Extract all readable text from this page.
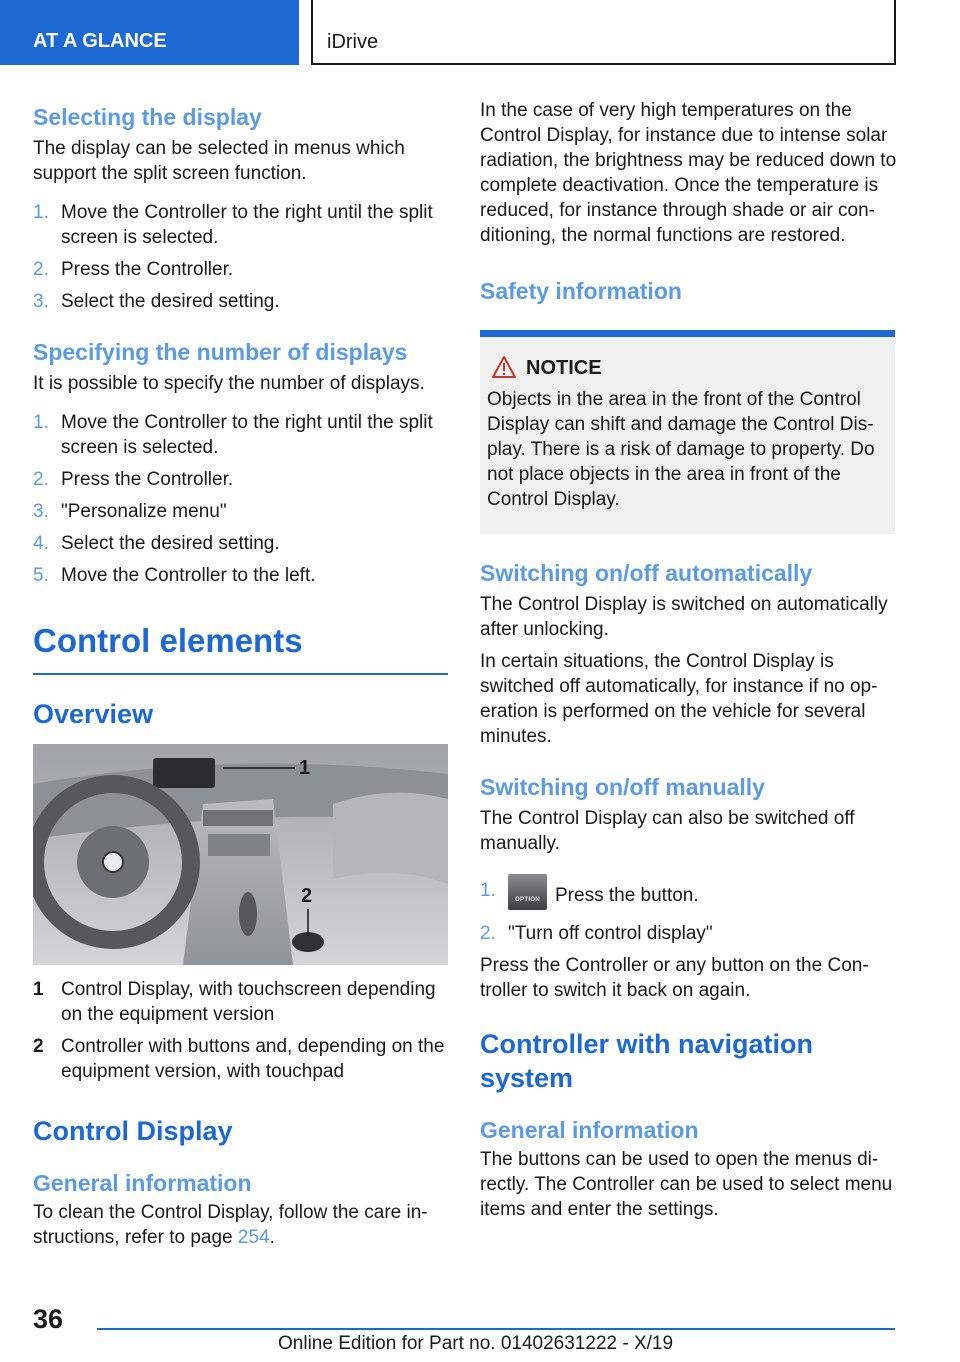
AT A GLANCE	iDrive
Selecting the display
The display can be selected in menus which support the split screen function.
1. Move the Controller to the right until the split screen is selected.
2. Press the Controller.
3. Select the desired setting.
Specifying the number of displays
It is possible to specify the number of displays.
1. Move the Controller to the right until the split screen is selected.
2. Press the Controller.
3. "Personalize menu"
4. Select the desired setting.
5. Move the Controller to the left.
Control elements
Overview
1
2
1 Control Display, with touchscreen depending on the equipment version
2 Controller with buttons and, depending on the equipment version, with touchpad
Control Display
General information
To clean the Control Display, follow the care in-structions, refer to page 254.
In the case of very high temperatures on the Control Display, for instance due to intense solar radiation, the brightness may be reduced down to complete deactivation. Once the temperature is reduced, for instance through shade or air con-ditioning, the normal functions are restored.
Safety information
NOTICE
Objects in the area in the front of the Control Display can shift and damage the Control Dis-play. There is a risk of damage to property. Do not place objects in the area in front of the Control Display.
Switching on/off automatically
The Control Display is switched on automatically after unlocking.
In certain situations, the Control Display is switched off automatically, for instance if no op-eration is performed on the vehicle for several minutes.
Switching on/off manually
The Control Display can also be switched off manually.
1.	OPTION Press the button.
2. "Turn off control display"
Press the Controller or any button on the Con-troller to switch it back on again.
Controller with navigation system
General information
The buttons can be used to open the menus di-rectly. The Controller can be used to select menu items and enter the settings.
36
Online Edition for Part no. 01402631222 - X/19
